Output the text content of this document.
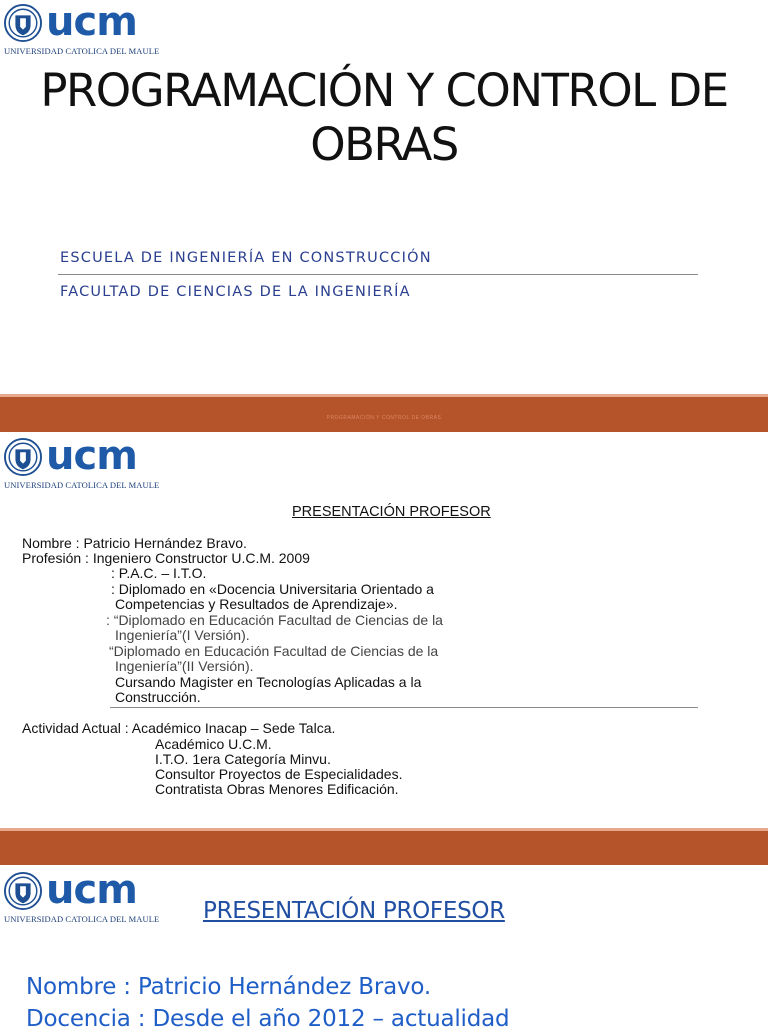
ucm
UNIVERSIDAD CATOLICA DEL MAULE
PROGRAMACIÓN Y CONTROL DE
OBRAS
ESCUELA DE INGENIERÍA EN CONSTRUCCIÓN
FACULTAD DE CIENCIAS DE LA INGENIERÍA
PROGRAMACIÓN Y CONTROL DE OBRAS
ucm
UNIVERSIDAD CATOLICA DEL MAULE
PRESENTACIÓN PROFESOR
Nombre : Patricio Hernández Bravo.
Profesión : Ingeniero Constructor U.C.M. 2009
: P.A.C. – I.T.O.
: Diplomado en «Docencia Universitaria Orientado a
Competencias y Resultados de Aprendizaje».
: “Diplomado en Educación Facultad de Ciencias de la
Ingeniería”(I Versión).
“Diplomado en Educación Facultad de Ciencias de la
Ingeniería”(II Versión).
Cursando Magister en Tecnologías Aplicadas a la
Construcción.
Actividad Actual : Académico Inacap – Sede Talca.
Académico U.C.M.
I.T.O. 1era Categoría Minvu.
Consultor Proyectos de Especialidades.
Contratista Obras Menores Edificación.
ucm
UNIVERSIDAD CATOLICA DEL MAULE PRESENTACIÓN PROFESOR
Nombre : Patricio Hernández Bravo.
Docencia : Desde el año 2012 – actualidad
